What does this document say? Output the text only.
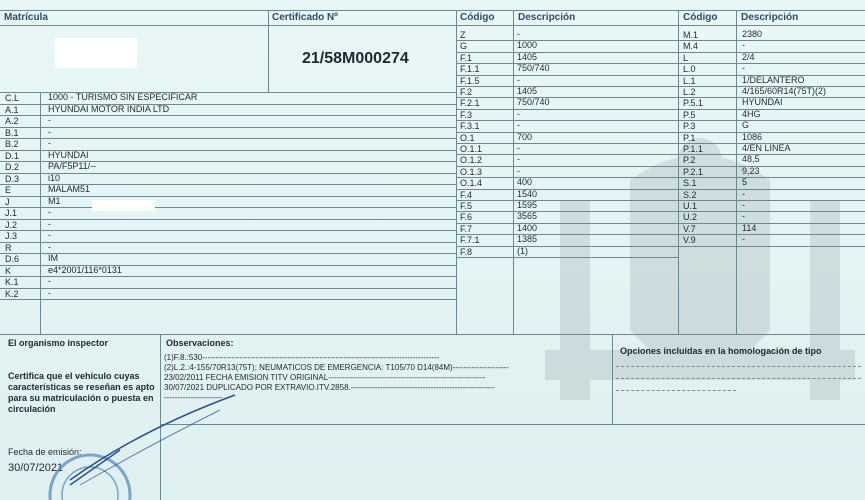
Matrícula	Certificado Nº	Código Descripción	Código Descripción
21/58M000274
C.L	1000 - TURISMO SIN ESPECIFICAR
A.1	HYUNDAI MOTOR INDIA LTD
A.2	-
B.1	-
B.2	-
D.1	HYUNDAI
D.2	PA/F5P11/--
D.3	i10
E	MALAM51
J	M1
J.1	-
J.2	-
J.3	-
R	-
D.6	IM
K	e4*2001/116*0131
K.1	-
K.2	-
Z	-
G	1000
F.1	1405
F.1.1	750/740
F.1.5	-
F.2	1405
F.2.1	750/740
F.3	-
F.3.1	-
O.1	700
O.1.1	-
O.1.2	-
O.1.3	-
O.1.4	400
F.4	1540
F.5	1595
F.6	3565
F.7	1400
F.7.1	1385
F.8	(1)
M.1	2380
M.4	-
L	2/4
L.0	-
L.1	1/DELANTERO
L.2	4/165/60R14(75T)(2)
P.5.1	HYUNDAI
P.5	4HG
P.3	G
P.1	1086
P.1.1	4/EN LINEA
P.2	48,5
P.2.1	9,23
S.1	5
S.2	-
U.1	-
U.2	-
V.7	114
V.9	-
El organismo inspector
Certifica que el vehículo cuyas características se reseñan es apto para su matriculación o puesta en circulación
Fecha de emisión:
30/07/2021
Observaciones:
(1)F.8.:530-----------------------------------------------------------------------------------------
(2)L.2.:4-155/70R13(75T); NEUMATICOS DE EMERGENCIA: T105/70 D14(84M)---------------------
23/02/2011 FECHA EMISION TITV ORIGINAL-----------------------------------------------------------
30/07/2021 DUPLICADO POR EXTRAVIO.ITV.2858.------------------------------------------------------
----------------------
Opciones incluidas en la homologación de tipo
